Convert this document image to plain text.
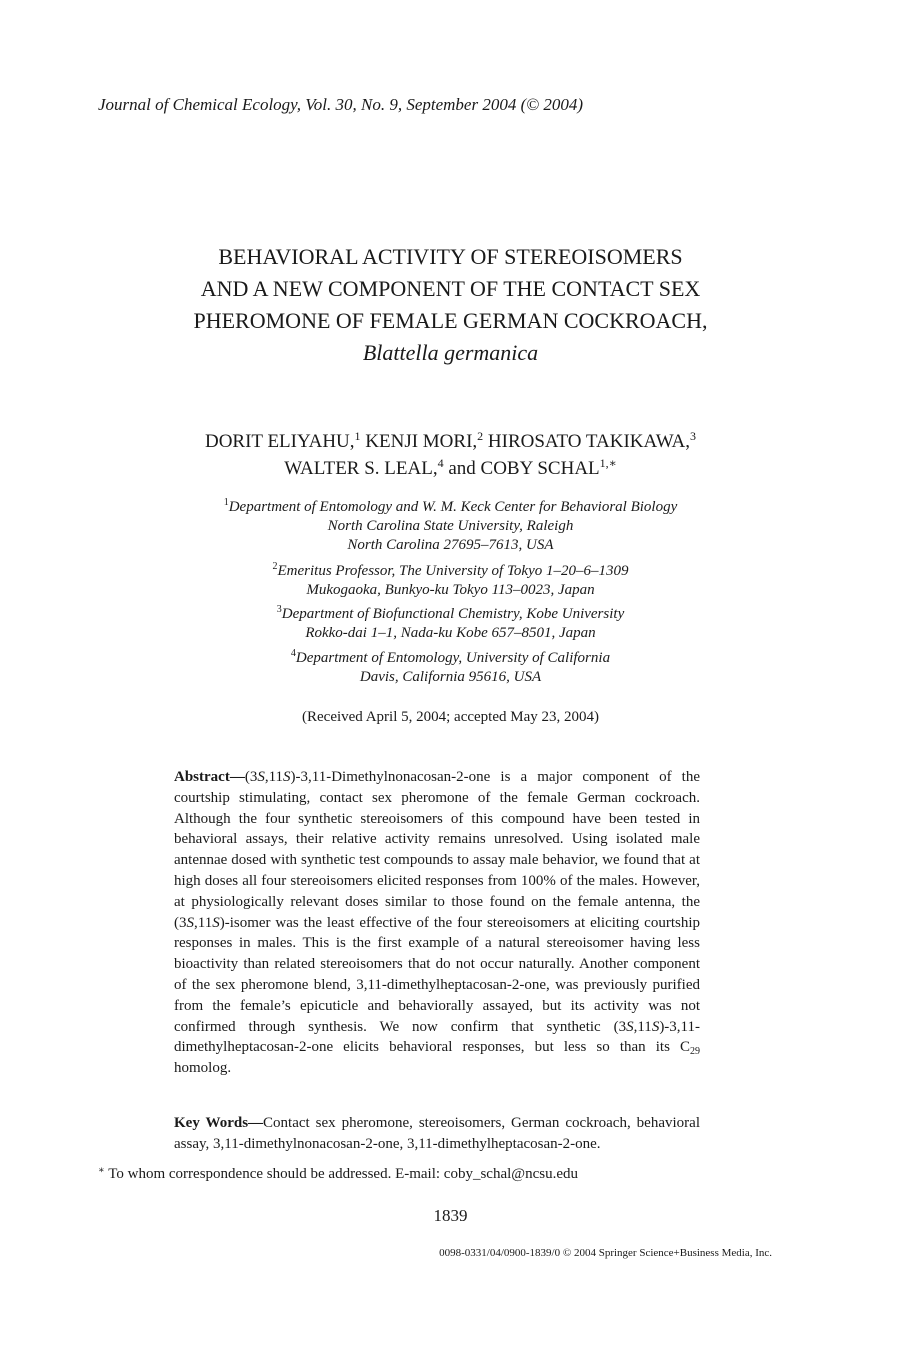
Journal of Chemical Ecology, Vol. 30, No. 9, September 2004 (© 2004)
BEHAVIORAL ACTIVITY OF STEREOISOMERS
AND A NEW COMPONENT OF THE CONTACT SEX
PHEROMONE OF FEMALE GERMAN COCKROACH,
Blattella germanica
DORIT ELIYAHU,$^1$ KENJI MORI,$^2$ HIROSATO TAKIKAWA,$^3$
WALTER S. LEAL,$^4$ and COBY $SCHAL^{1,∗}$
$^1$Department of Entomology and W. M. Keck Center for Behavioral Biology
North Carolina State University, Raleigh
North Carolina 27695–7613, USA
$^2$Emeritus Professor, The University of Tokyo 1–20–6–1309
Mukogaoka, Bunkyo-ku Tokyo 113–0023, Japan
$^3$Department of Biofunctional Chemistry, Kobe University
Rokko-dai 1–1, Nada-ku Kobe 657–8501, Japan
$^4$Department of Entomology, University of California
Davis, California 95616, USA
(Received April 5, 2004; accepted May 23, 2004)
Abstract—(3S,11S)-3,11-Dimethylnonacosan-2-one is a major component of the courtship stimulating, contact sex pheromone of the female German cockroach. Although the four synthetic stereoisomers of this compound have been tested in behavioral assays, their relative activity remains unresolved. Using isolated male antennae dosed with synthetic test compounds to assay male behavior, we found that at high doses all four stereoisomers elicited responses from 100% of the males. However, at physiologically relevant doses similar to those found on the female antenna, the (3S,11S)-isomer was the least effective of the four stereoisomers at eliciting courtship responses in males. This is the first example of a natural stereoisomer having less bioactivity than related stereoisomers that do not occur naturally. Another component of the sex pheromone blend, 3,11-dimethylheptacosan-2-one, was previously purified from the female’s epicuticle and behaviorally assayed, but its activity was not confirmed through synthesis. We now confirm that synthetic (3S,11S)-3,11-dimethylheptacosan-2-one elicits behavioral responses, but less so than its $C_{29}$ homolog.
Key Words—Contact sex pheromone, stereoisomers, German cockroach, behavioral assay, 3,11-dimethylnonacosan-2-one, 3,11-dimethylheptacosan-2-one.
∗ To whom correspondence should be addressed. E-mail: coby_schal@ncsu.edu
1839
0098-0331/04/0900-1839/0 © 2004 Springer Science+Business Media, Inc.
